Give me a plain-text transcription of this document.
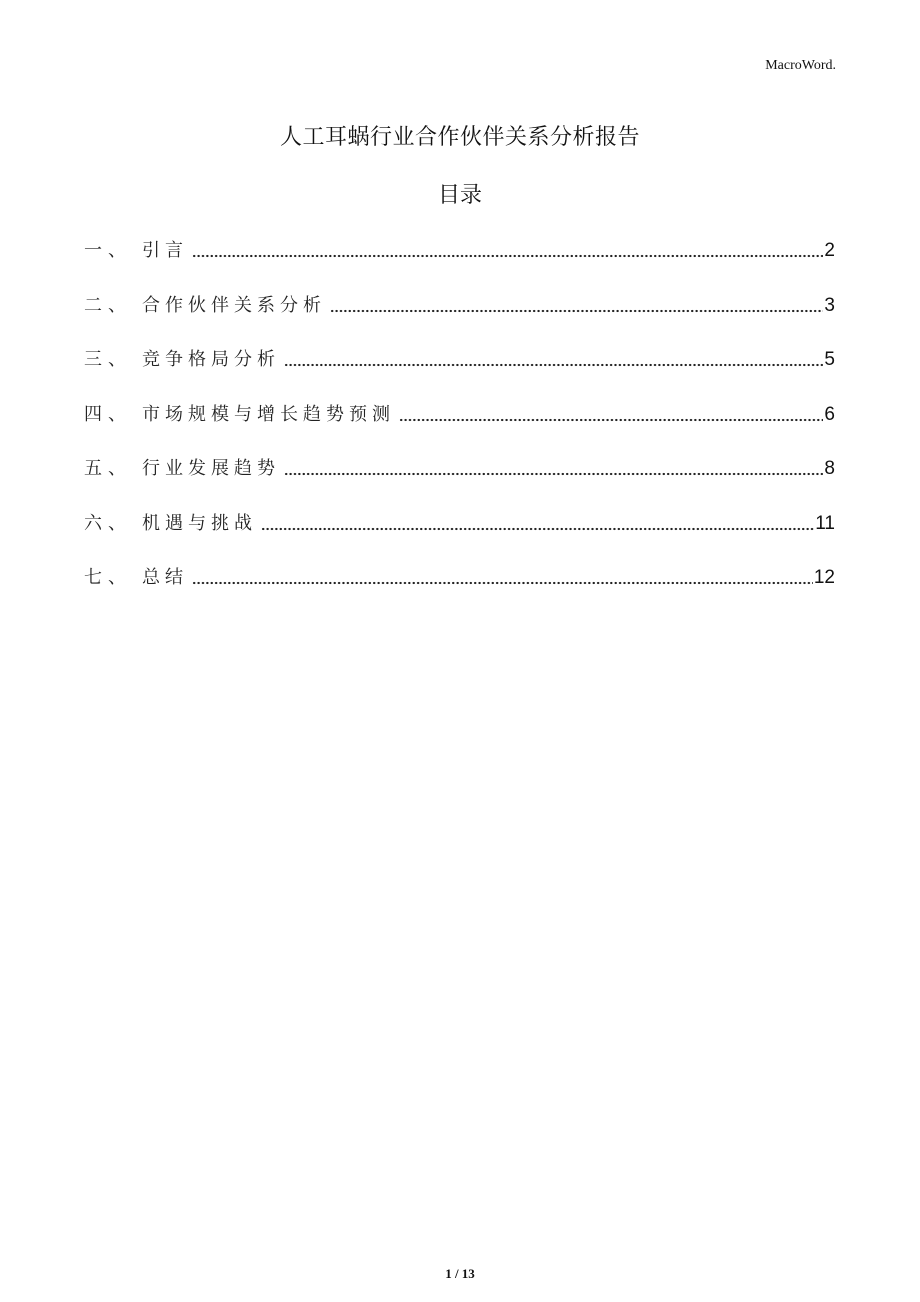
MacroWord.
人工耳蜗行业合作伙伴关系分析报告
目录
一、 引言	2
二、 合作伙伴关系分析	3
三、 竞争格局分析	5
四、 市场规模与增长趋势预测	6
五、 行业发展趋势	8
六、 机遇与挑战	11
七、 总结	12
1 / 13
